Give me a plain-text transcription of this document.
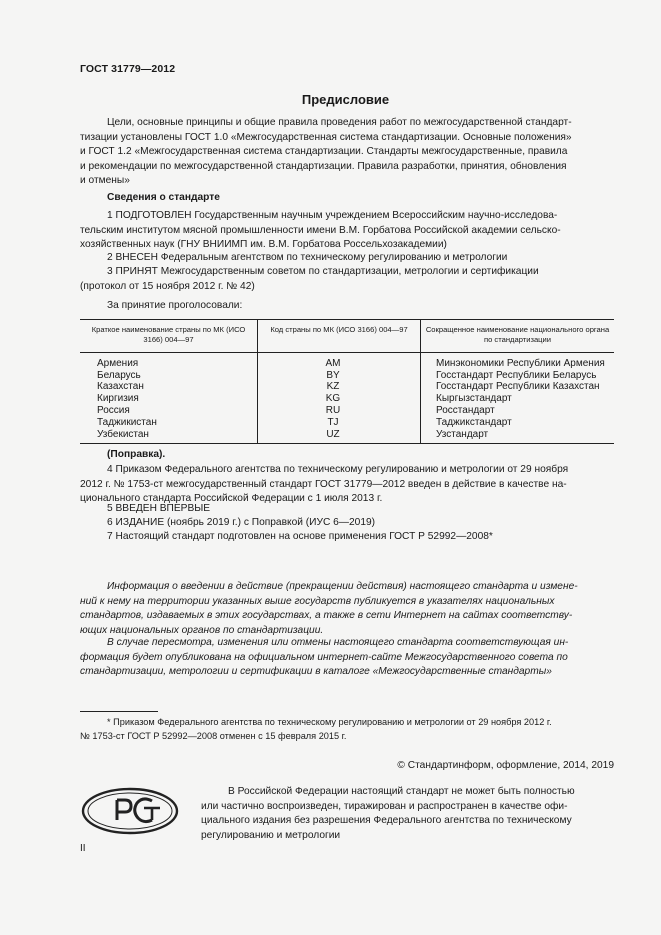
ГОСТ 31779—2012
Предисловие
Цели, основные принципы и общие правила проведения работ по межгосударственной стандарт-
тизации установлены ГОСТ 1.0 «Межгосударственная система стандартизации. Основные положения»
и ГОСТ 1.2 «Межгосударственная система стандартизации. Стандарты межгосударственные, правила
и рекомендации по межгосударственной стандартизации. Правила разработки, принятия, обновления
и отмены»
Сведения о стандарте
1 ПОДГОТОВЛЕН Государственным научным учреждением Всероссийским научно-исследова-
тельским институтом мясной промышленности имени В.М. Горбатова Российской академии сельско-
хозяйственных наук (ГНУ ВНИИМП им. В.М. Горбатова Россельхозакадемии)
2 ВНЕСЕН Федеральным агентством по техническому регулированию и метрологии
3 ПРИНЯТ Межгосударственным советом по стандартизации, метрологии и сертификации
(протокол от 15 ноября 2012 г. № 42)
За принятие проголосовали:
Краткое наименование страны по МК (ИСО 3166) 004—97	Код страны по МК (ИСО 3166) 004—97	Сокращенное наименование национального органа по стандартизации
Армения	AM	Минэкономики Республики Армения
Беларусь	BY	Госстандарт Республики Беларусь
Казахстан	KZ	Госстандарт Республики Казахстан
Киргизия	KG	Кыргызстандарт
Россия	RU	Росстандарт
Таджикистан	TJ	Таджикстандарт
Узбекистан	UZ	Узстандарт
(Поправка).
4 Приказом Федерального агентства по техническому регулированию и метрологии от 29 ноября
2012 г. № 1753-ст межгосударственный стандарт ГОСТ 31779—2012 введен в действие в качестве на-
ционального стандарта Российской Федерации с 1 июля 2013 г.
5 ВВЕДЕН ВПЕРВЫЕ
6 ИЗДАНИЕ (ноябрь 2019 г.) с Поправкой (ИУС 6—2019)
7 Настоящий стандарт подготовлен на основе применения ГОСТ Р 52992—2008*
Информация о введении в действие (прекращении действия) настоящего стандарта и измене-
ний к нему на территории указанных выше государств публикуется в указателях национальных
стандартов, издаваемых в этих государствах, а также в сети Интернет на сайтах соответству-
ющих национальных органов по стандартизации.
В случае пересмотра, изменения или отмены настоящего стандарта соответствующая ин-
формация будет опубликована на официальном интернет-сайте Межгосударственного совета по
стандартизации, метрологии и сертификации в каталоге «Межгосударственные стандарты»
* Приказом Федерального агентства по техническому регулированию и метрологии от 29 ноября 2012 г.
№ 1753-ст ГОСТ Р 52992—2008 отменен с 15 февраля 2015 г.
© Стандартинформ, оформление, 2014, 2019
В Российской Федерации настоящий стандарт не может быть полностью
или частично воспроизведен, тиражирован и распространен в качестве офи-
циального издания без разрешения Федерального агентства по техническому
регулированию и метрологии
II
